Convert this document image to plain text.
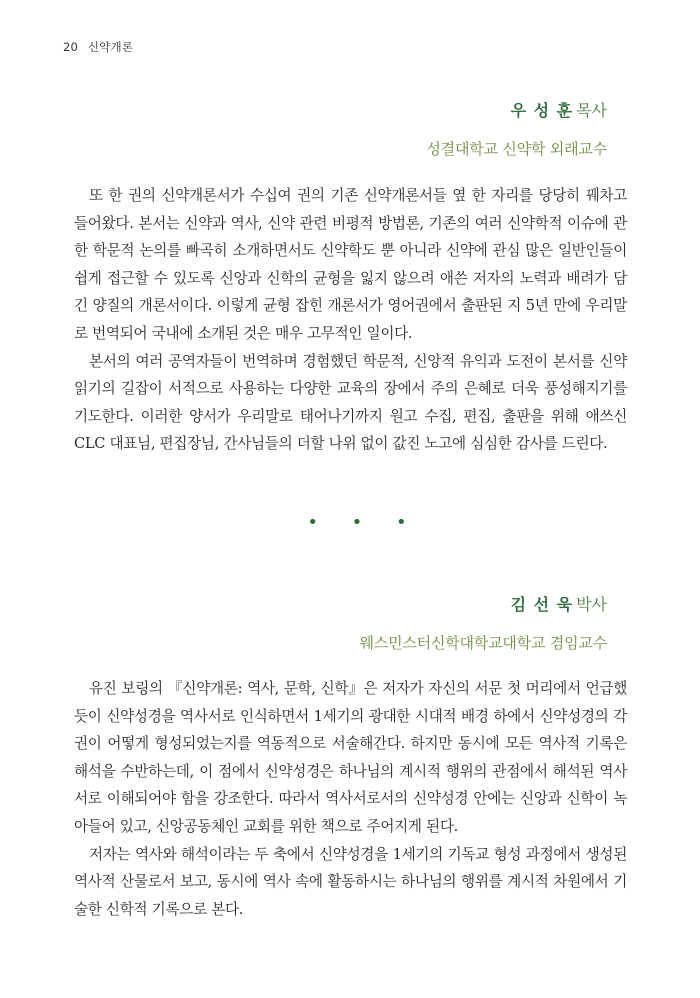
20 신약개론
우 성 훈 목사
성결대학교 신약학 외래교수

또 한 권의 신약개론서가 수십여 권의 기존 신약개론서들 옆 한 자리를 당당히 꿰차고 들어왔다. 본서는 신약과 역사, 신약 관련 비평적 방법론, 기존의 여러 신약학적 이슈에 관한 학문적 논의를 빠곡히 소개하면서도 신약학도 뿐 아니라 신약에 관심 많은 일반인들이 쉽게 접근할 수 있도록 신앙과 신학의 균형을 잃지 않으려 애쓴 저자의 노력과 배려가 담긴 양질의 개론서이다. 이렇게 균형 잡힌 개론서가 영어권에서 출판된 지 5년 만에 우리말로 번역되어 국내에 소개된 것은 매우 고무적인 일이다.

본서의 여러 공역자들이 번역하며 경험했던 학문적, 신앙적 유익과 도전이 본서를 신약 읽기의 길잡이 서적으로 사용하는 다양한 교육의 장에서 주의 은혜로 더욱 풍성해지기를 기도한다. 이러한 양서가 우리말로 태어나기까지 원고 수집, 편집, 출판을 위해 애쓰신 CLC 대표님, 편집장님, 간사님들의 더할 나위 없이 값진 노고에 심심한 감사를 드린다.

• • •
김 선 욱 박사
웨스민스터신학대학교대학교 겸임교수

유진 보링의 『신약개론: 역사, 문학, 신학』은 저자가 자신의 서문 첫 머리에서 언급했듯이 신약성경을 역사서로 인식하면서 1세기의 광대한 시대적 배경 하에서 신약성경의 각 권이 어떻게 형성되었는지를 역동적으로 서술해간다. 하지만 동시에 모든 역사적 기록은 해석을 수반하는데, 이 점에서 신약성경은 하나님의 계시적 행위의 관점에서 해석된 역사서로 이해되어야 함을 강조한다. 따라서 역사서로서의 신약성경 안에는 신앙과 신학이 녹아들어 있고, 신앙공동체인 교회를 위한 책으로 주어지게 된다.

저자는 역사와 해석이라는 두 축에서 신약성경을 1세기의 기독교 형성 과정에서 생성된 역사적 산물로서 보고, 동시에 역사 속에 활동하시는 하나님의 행위를 계시적 차원에서 기술한 신학적 기록으로 본다.
